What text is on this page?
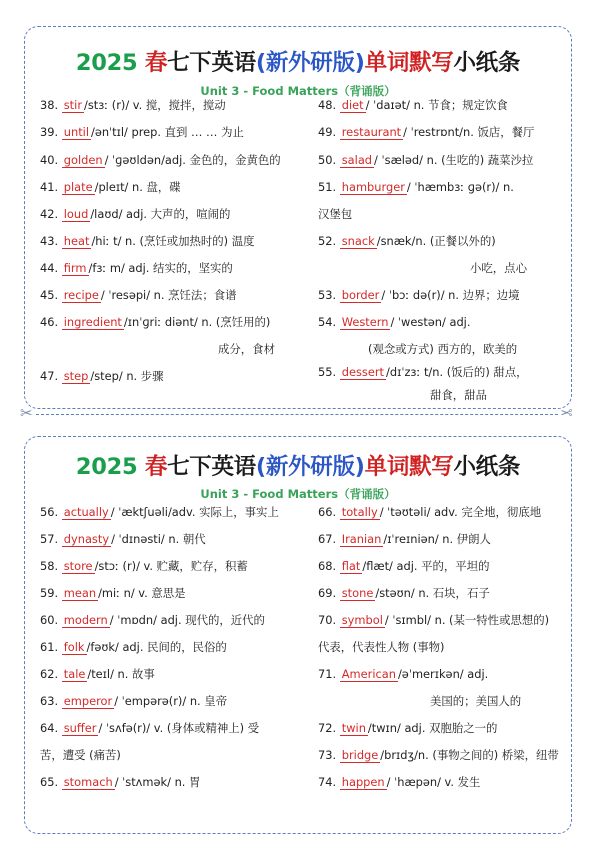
2025 春七下英语(新外研版)单词默写小纸条
Unit 3 - Food Matters（背诵版）
✂	✂
2025 春七下英语(新外研版)单词默写小纸条
Unit 3 - Food Matters（背诵版）
38. stir /stɜː (r)/ v. 搅，搅拌，搅动
39. until /ənˈtɪl/ prep. 直到 … … 为止
40. golden / ˈɡəʊldən/adj. 金色的，金黄色的
41. plate /pleɪt/ n. 盘，碟
42. loud /laʊd/ adj. 大声的，喧闹的
43. heat /hiː t/ n. (烹饪或加热时的) 温度
44. firm /fɜː m/ adj. 结实的，坚实的
45. recipe / ˈresəpi/ n. 烹饪法；食谱
46. ingredient /ɪnˈɡriː diənt/ n. (烹饪用的)
成分，食材
47. step /step/ n. 步骤
48. diet / ˈdaɪət/ n. 节食；规定饮食
49. restaurant / ˈrestrɒnt/n. 饭店，餐厅
50. salad / ˈsæləd/ n. (生吃的) 蔬菜沙拉
51. hamburger / ˈhæmbɜː ɡə(r)/ n.
汉堡包
52. snack /snæk/n. (正餐以外的)
小吃，点心
53. border / ˈbɔː də(r)/ n. 边界；边境
54. Western / ˈwestən/ adj.
(观念或方式) 西方的，欧美的
55. dessert /dɪˈzɜː t/n. (饭后的) 甜点，
甜食，甜品
56. actually / ˈæktʃuəli/adv. 实际上，事实上
57. dynasty / ˈdɪnəsti/ n. 朝代
58. store /stɔː (r)/ v. 贮藏，贮存，积蓄
59. mean /miː n/ v. 意思是
60. modern / ˈmɒdn/ adj. 现代的，近代的
61. folk /fəʊk/ adj. 民间的，民俗的
62. tale /teɪl/ n. 故事
63. emperor / ˈempərə(r)/ n. 皇帝
64. suffer / ˈsʌfə(r)/ v. (身体或精神上) 受
苦，遭受 (痛苦)
65. stomach / ˈstʌmək/ n. 胃
66. totally / ˈtəʊtəli/ adv. 完全地，彻底地
67. Iranian /ɪˈreɪniən/ n. 伊朗人
68. flat /flæt/ adj. 平的，平坦的
69. stone /stəʊn/ n. 石块，石子
70. symbol / ˈsɪmbl/ n. (某一特性或思想的)
代表，代表性人物 (事物)
71. American /əˈmerɪkən/ adj.
美国的；美国人的
72. twin /twɪn/ adj. 双胞胎之一的
73. bridge /brɪdʒ/n. (事物之间的) 桥梁，纽带
74. happen / ˈhæpən/ v. 发生
